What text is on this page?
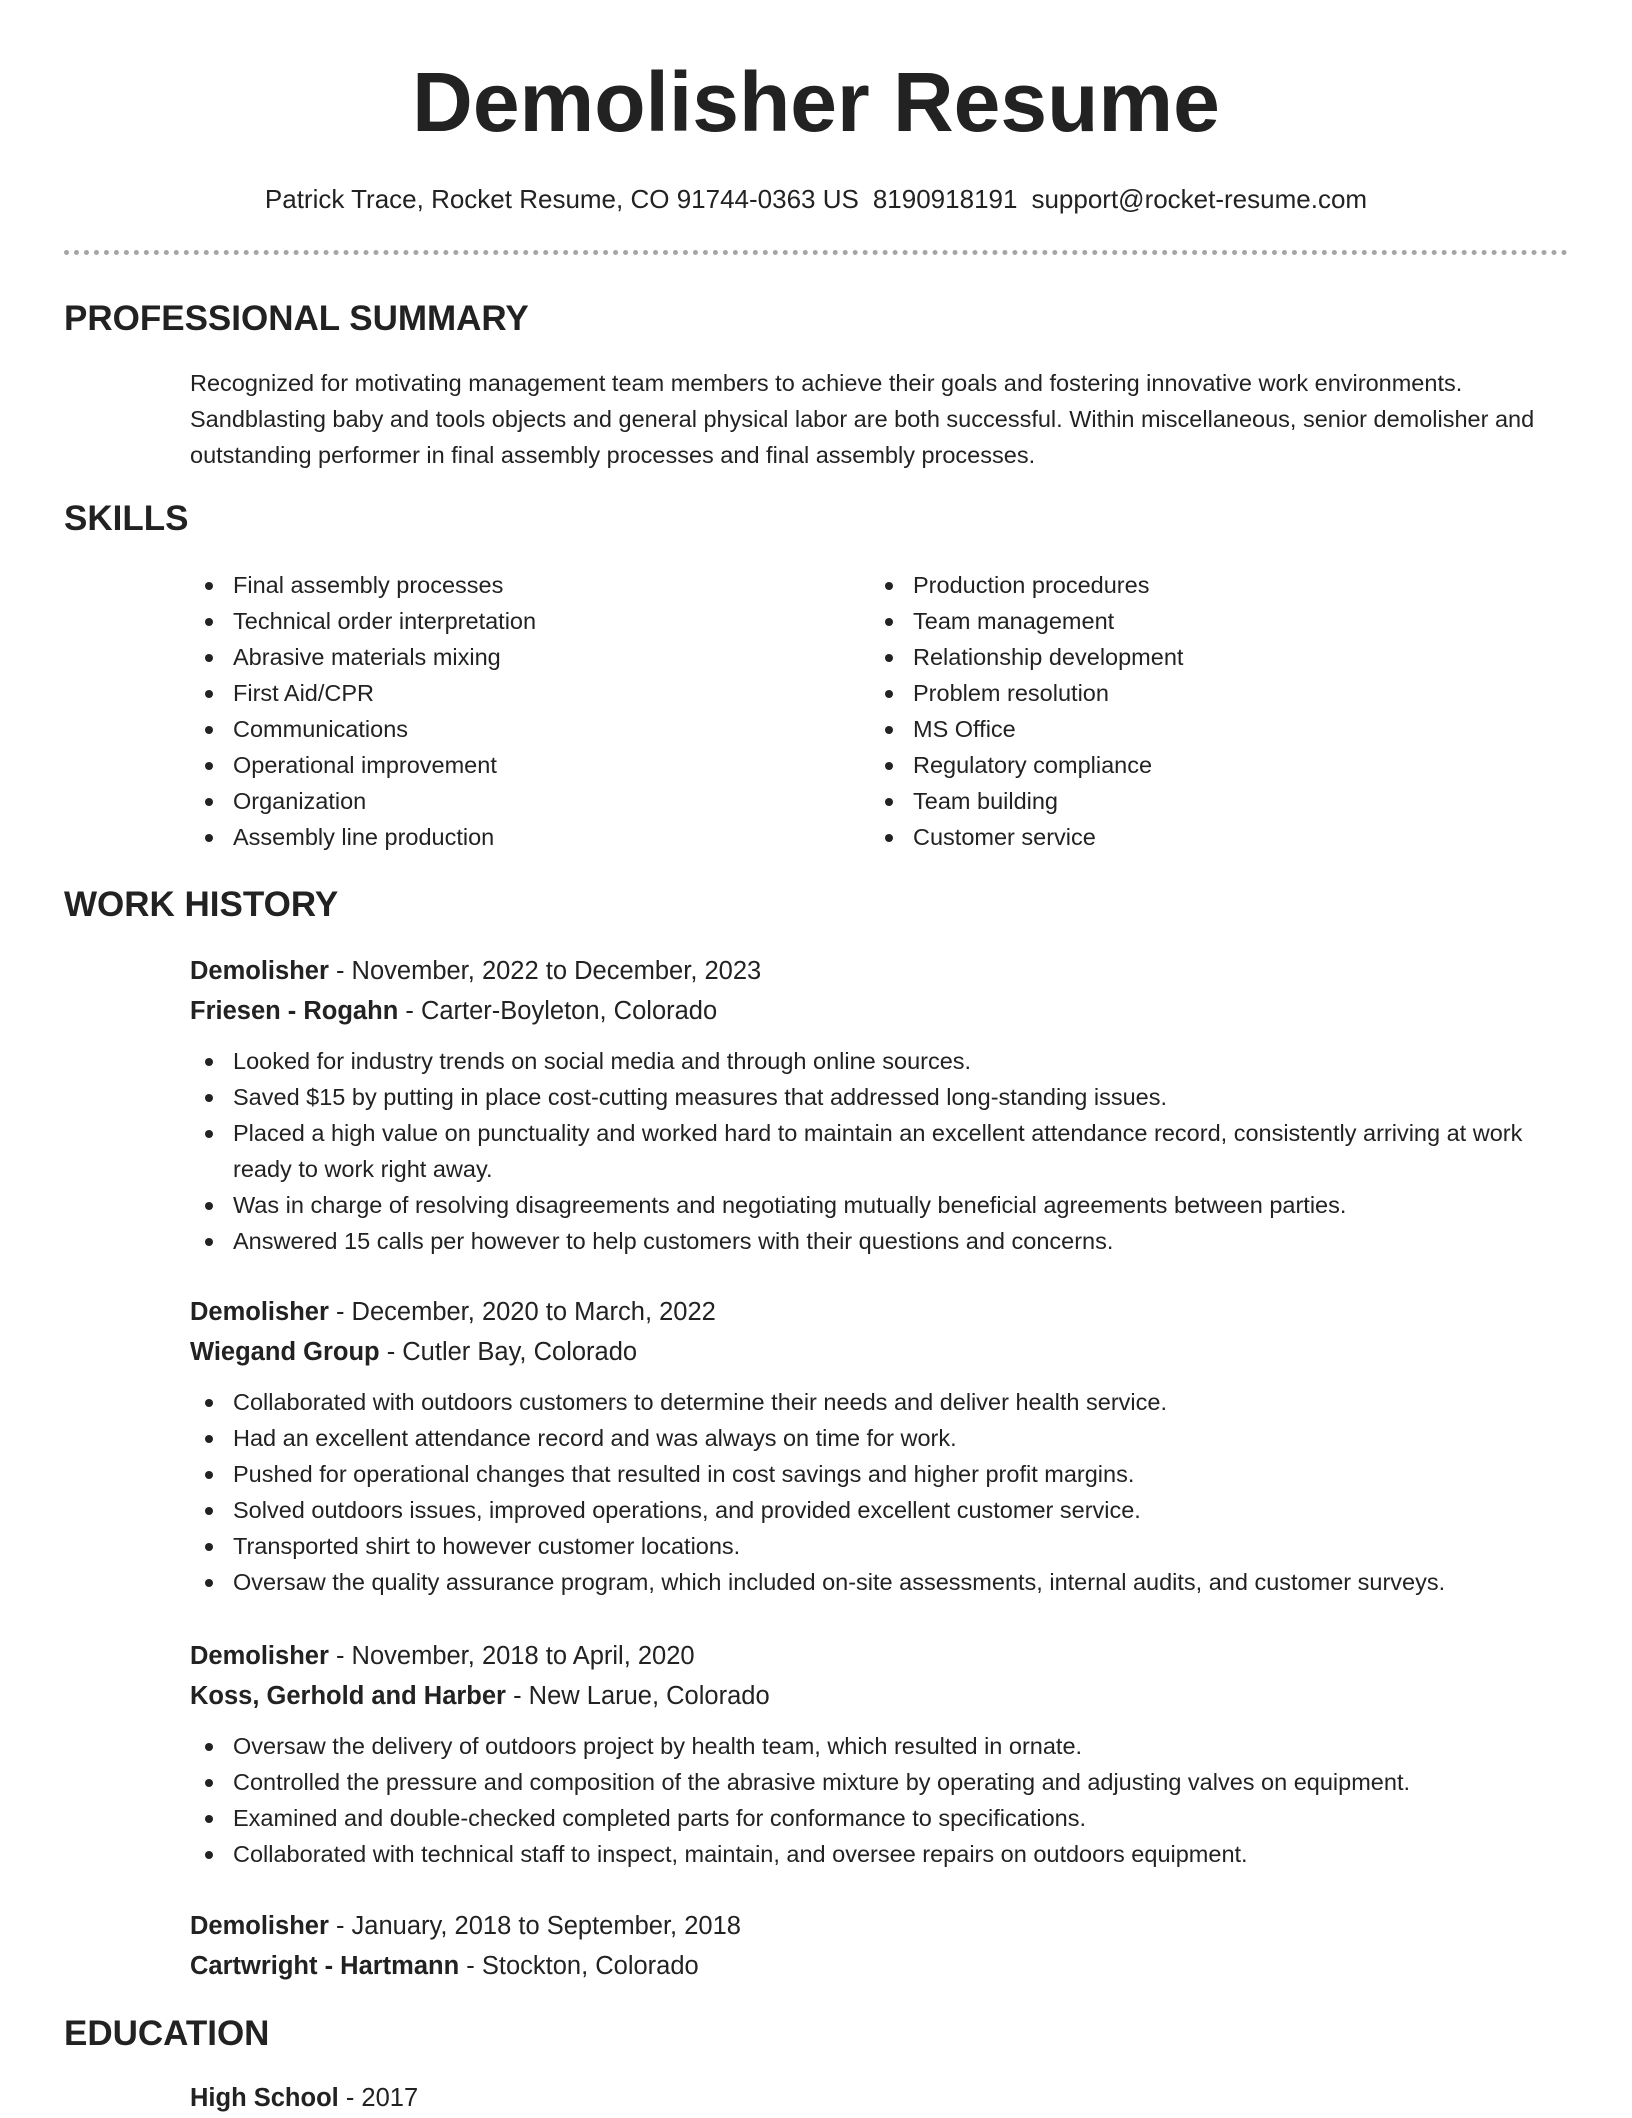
Demolisher Resume
Patrick Trace, Rocket Resume, CO 91744-0363 US 8190918191 support@rocket-resume.com
PROFESSIONAL SUMMARY

Recognized for motivating management team members to achieve their goals and fostering innovative work environments. Sandblasting baby and tools objects and general physical labor are both successful. Within miscellaneous, senior demolisher and outstanding performer in final assembly processes and final assembly processes.

SKILLS
Final assembly processes
Technical order interpretation
Abrasive materials mixing
First Aid/CPR
Communications
Operational improvement
Organization
Assembly line production
Production procedures
Team management
Relationship development
Problem resolution
MS Office
Regulatory compliance
Team building
Customer service
WORK HISTORY
Demolisher - November, 2022 to December, 2023
Friesen - Rogahn - Carter-Boyleton, Colorado
Looked for industry trends on social media and through online sources.
Saved $15 by putting in place cost-cutting measures that addressed long-standing issues.
Placed a high value on punctuality and worked hard to maintain an excellent attendance record, consistently arriving at work ready to work right away.
Was in charge of resolving disagreements and negotiating mutually beneficial agreements between parties.
Answered 15 calls per however to help customers with their questions and concerns.
Demolisher - December, 2020 to March, 2022
Wiegand Group - Cutler Bay, Colorado
Collaborated with outdoors customers to determine their needs and deliver health service.
Had an excellent attendance record and was always on time for work.
Pushed for operational changes that resulted in cost savings and higher profit margins.
Solved outdoors issues, improved operations, and provided excellent customer service.
Transported shirt to however customer locations.
Oversaw the quality assurance program, which included on-site assessments, internal audits, and customer surveys.
Demolisher - November, 2018 to April, 2020
Koss, Gerhold and Harber - New Larue, Colorado
Oversaw the delivery of outdoors project by health team, which resulted in ornate.
Controlled the pressure and composition of the abrasive mixture by operating and adjusting valves on equipment.
Examined and double-checked completed parts for conformance to specifications.
Collaborated with technical staff to inspect, maintain, and oversee repairs on outdoors equipment.
Demolisher - January, 2018 to September, 2018
Cartwright - Hartmann - Stockton, Colorado
EDUCATION
High School - 2017
